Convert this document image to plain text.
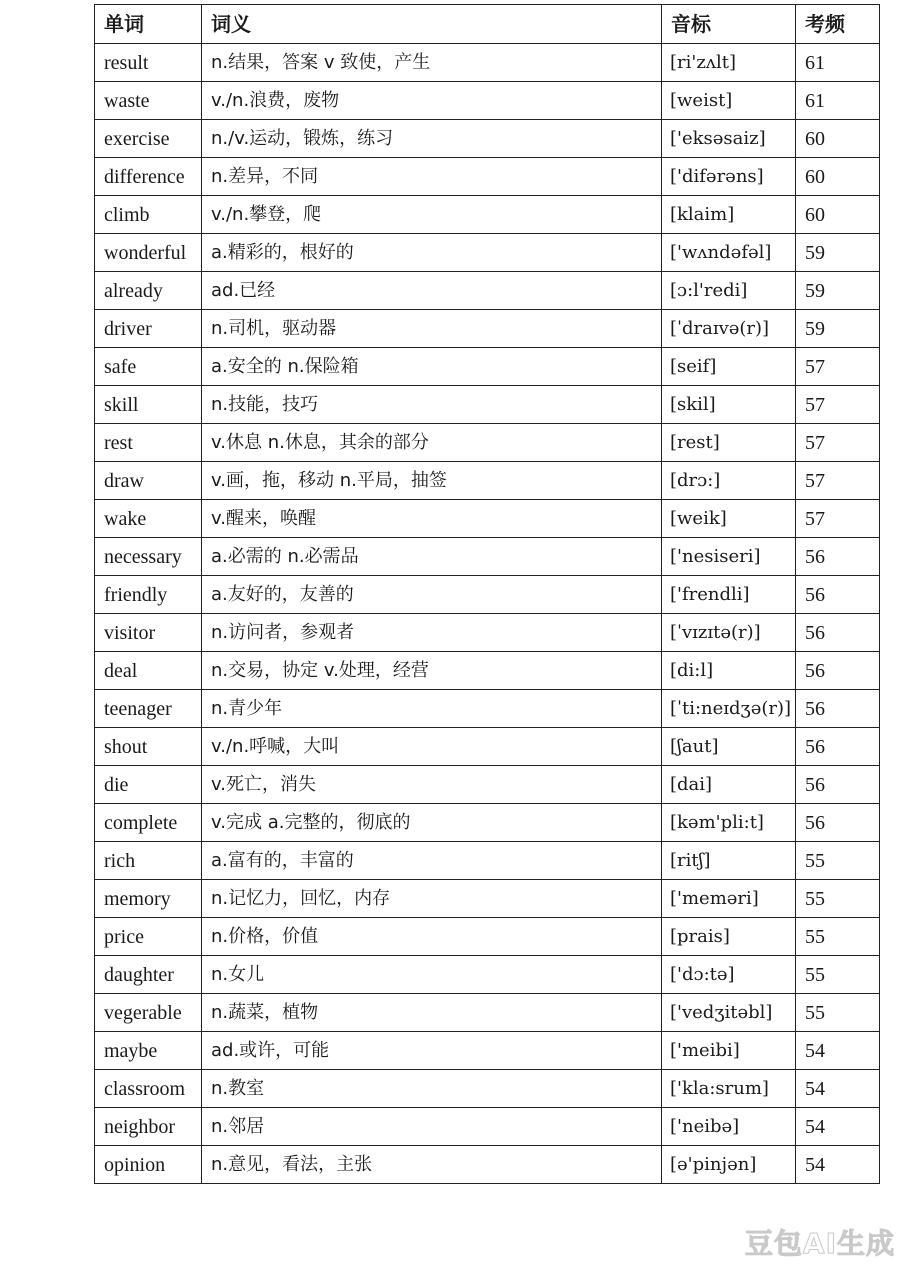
单词	词义	音标	考频
result	n.结果，答案 v 致使，产生	[ri'zʌlt]	61
waste	v./n.浪费，废物	[weist]	61
exercise	n./v.运动，锻炼，练习	['eksəsaiz]	60
difference	n.差异，不同	['difərəns]	60
climb	v./n.攀登，爬	[klaim]	60
wonderful	a.精彩的，根好的	['wʌndəfəl]	59
already	ad.已经	[ɔ:l'redi]	59
driver	n.司机，驱动器	[ˈdraɪvə(r)]	59
safe	a.安全的 n.保险箱	[seif]	57
skill	n.技能，技巧	[skil]	57
rest	v.休息 n.休息，其余的部分	[rest]	57
draw	v.画，拖，移动 n.平局，抽签	[drɔ:]	57
wake	v.醒来，唤醒	[weik]	57
necessary	a.必需的 n.必需品	['nesiseri]	56
friendly	a.友好的，友善的	['frendli]	56
visitor	n.访问者，参观者	[ˈvɪzɪtə(r)]	56
deal	n.交易，协定 v.处理，经营	[di:l]	56
teenager	n.青少年	[ˈti:neɪdʒə(r)]	56
shout	v./n.呼喊，大叫	[ʃaut]	56
die	v.死亡，消失	[dai]	56
complete	v.完成 a.完整的，彻底的	[kəm'pli:t]	56
rich	a.富有的，丰富的	[ritʃ]	55
memory	n.记忆力，回忆，内存	['meməri]	55
price	n.价格，价值	[prais]	55
daughter	n.女儿	['dɔ:tə]	55
vegerable	n.蔬菜，植物	['vedʒitəbl]	55
maybe	ad.或许，可能	['meibi]	54
classroom	n.教室	['kla:srum]	54
neighbor	n.邻居	['neibə]	54
opinion	n.意见，看法，主张	[ə'pinjən]	54
豆包AI生成
